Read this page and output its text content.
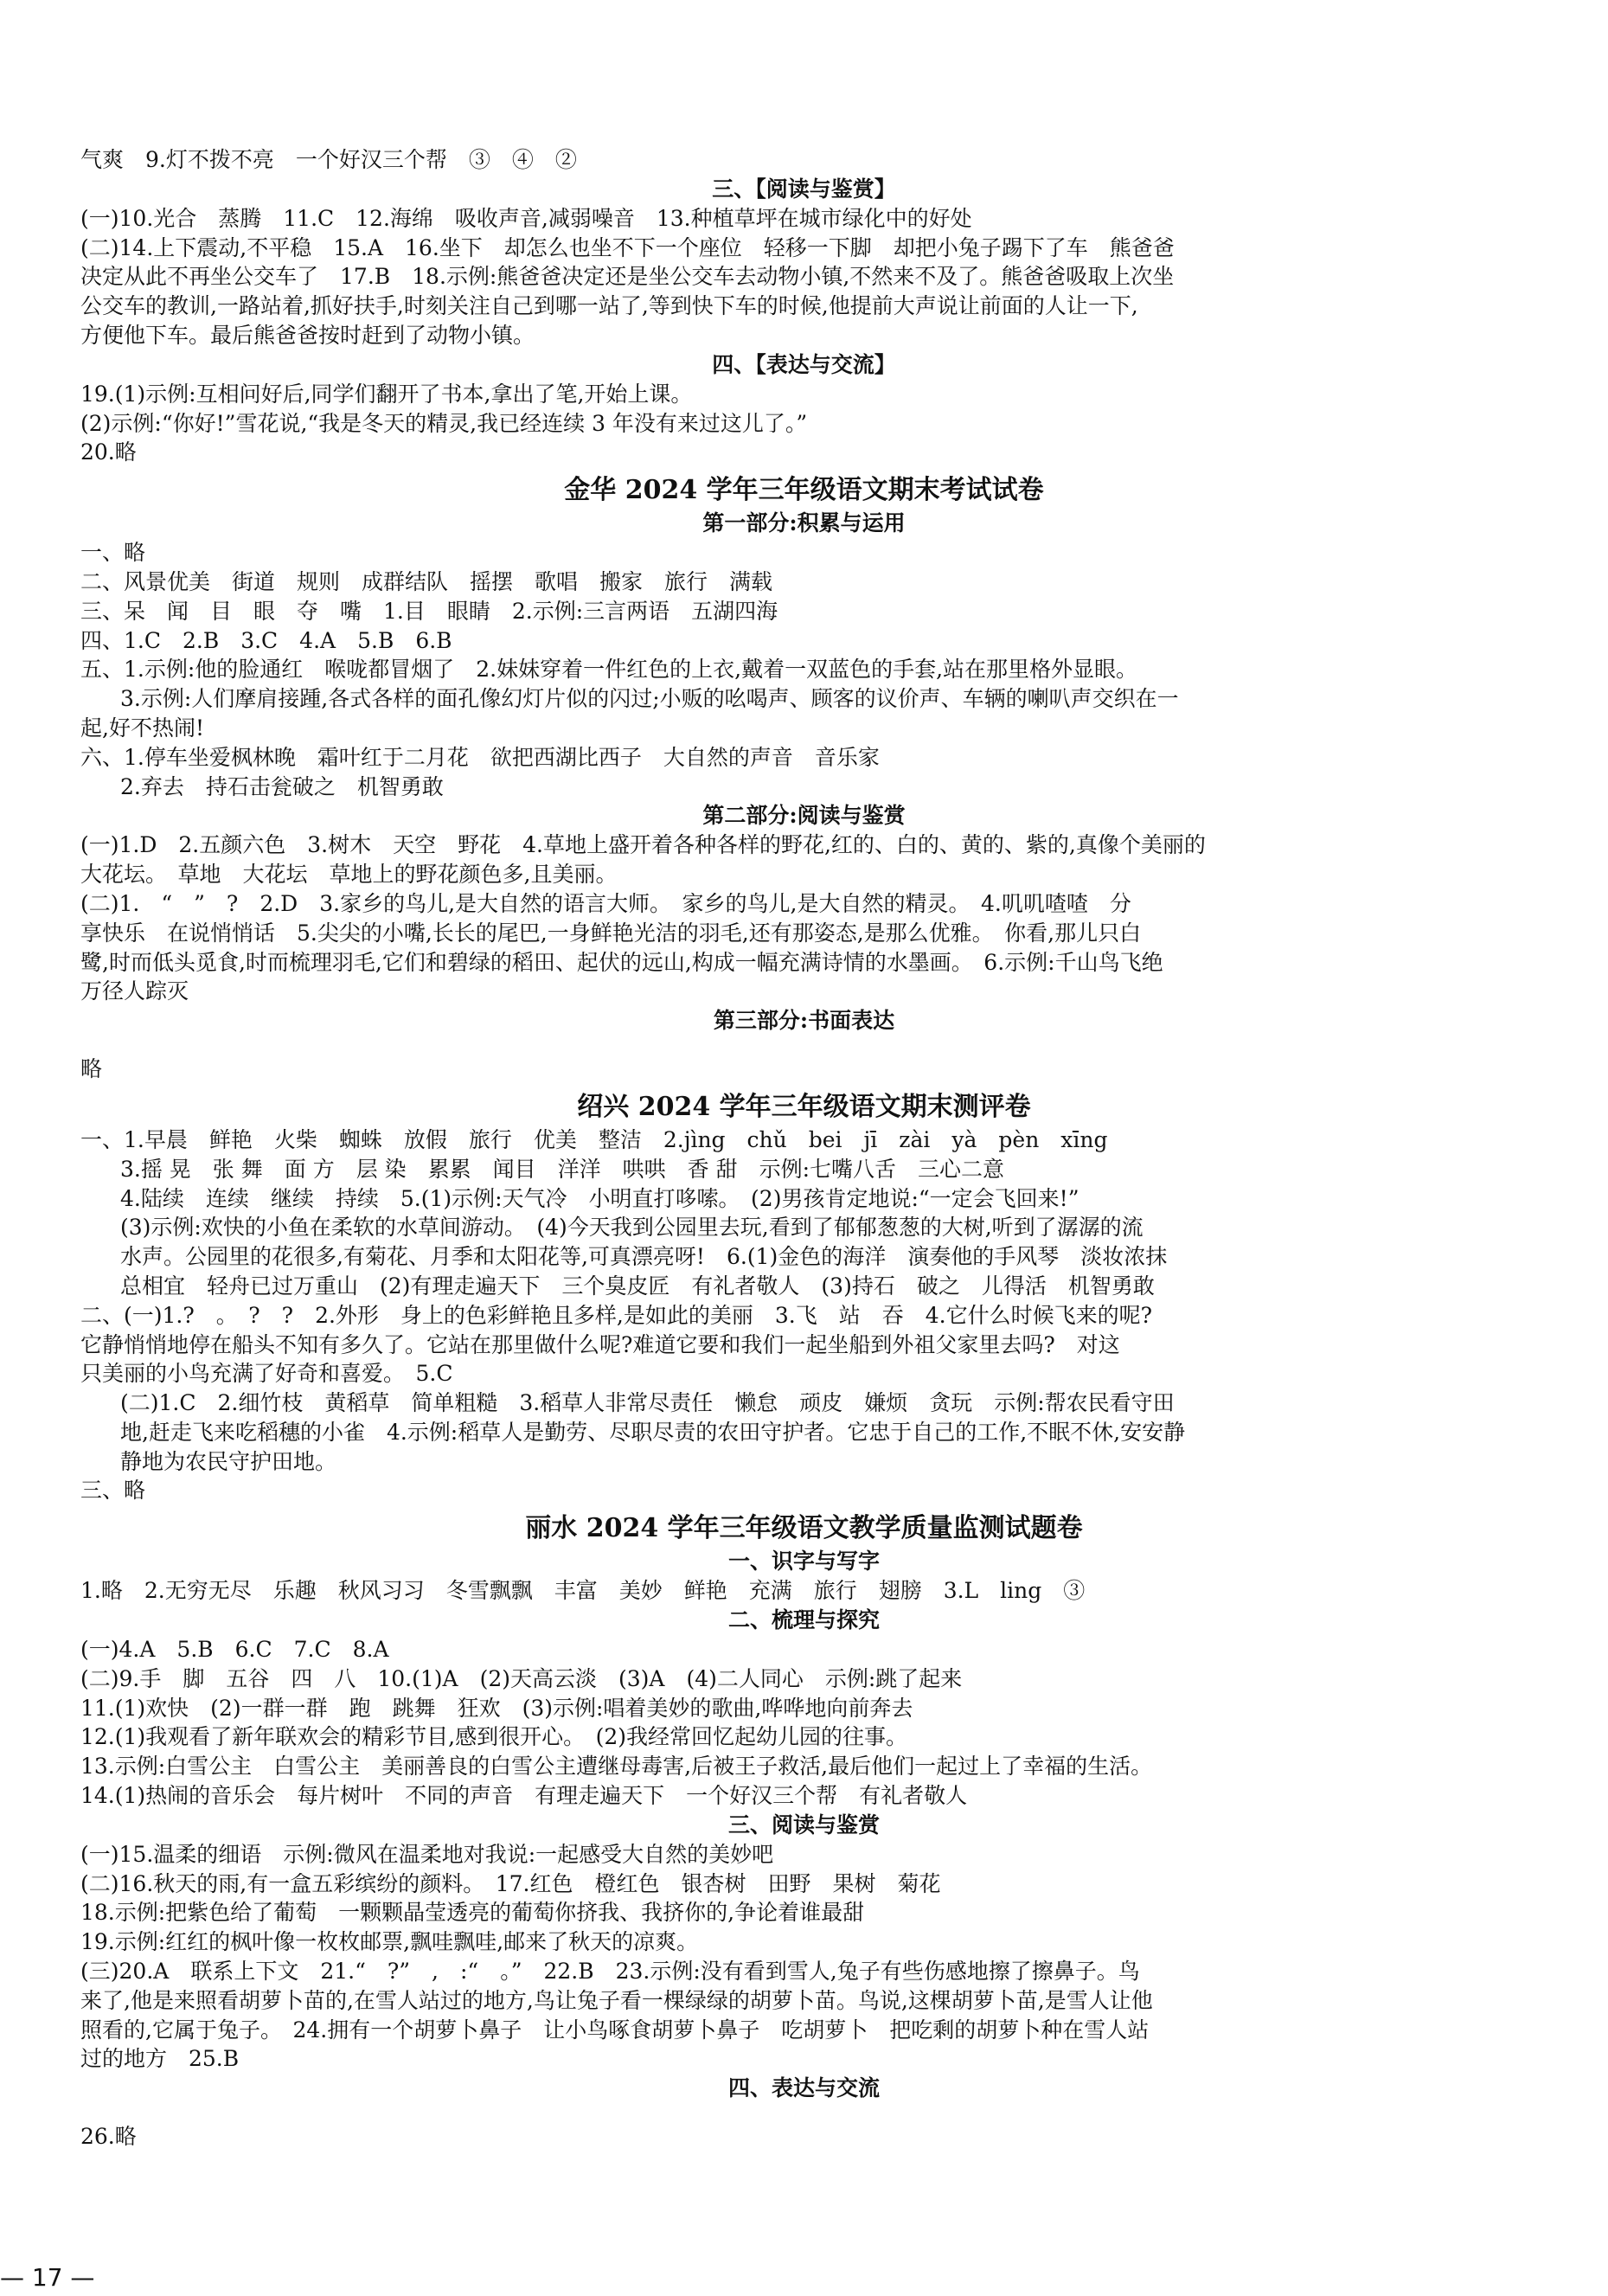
气爽　9.灯不拨不亮　一个好汉三个帮　③　④　②
三、【阅读与鉴赏】
(一)10.光合　蒸腾　11.C　12.海绵　吸收声音,减弱噪音　13.种植草坪在城市绿化中的好处
(二)14.上下震动,不平稳　15.A　16.坐下　却怎么也坐不下一个座位　轻移一下脚　却把小兔子踢下了车　熊爸爸
决定从此不再坐公交车了　17.B　18.示例:熊爸爸决定还是坐公交车去动物小镇,不然来不及了。熊爸爸吸取上次坐
公交车的教训,一路站着,抓好扶手,时刻关注自己到哪一站了,等到快下车的时候,他提前大声说让前面的人让一下,
方便他下车。最后熊爸爸按时赶到了动物小镇。
四、【表达与交流】
19.(1)示例:互相问好后,同学们翻开了书本,拿出了笔,开始上课。
(2)示例:“你好!”雪花说,“我是冬天的精灵,我已经连续 3 年没有来过这儿了。”
20.略
金华 2024 学年三年级语文期末考试试卷
第一部分:积累与运用
一、略
二、风景优美　街道　规则　成群结队　摇摆　歌唱　搬家　旅行　满载
三、呆　闻　目　眼　夺　嘴　1.目　眼睛　2.示例:三言两语　五湖四海
四、1.C　2.B　3.C　4.A　5.B　6.B
五、1.示例:他的脸通红　喉咙都冒烟了　2.妹妹穿着一件红色的上衣,戴着一双蓝色的手套,站在那里格外显眼。
3.示例:人们摩肩接踵,各式各样的面孔像幻灯片似的闪过;小贩的吆喝声、顾客的议价声、车辆的喇叭声交织在一
起,好不热闹!
六、1.停车坐爱枫林晚　霜叶红于二月花　欲把西湖比西子　大自然的声音　音乐家
2.弃去　持石击瓮破之　机智勇敢
第二部分:阅读与鉴赏
(一)1.D　2.五颜六色　3.树木　天空　野花　4.草地上盛开着各种各样的野花,红的、白的、黄的、紫的,真像个美丽的
大花坛。　草地　大花坛　草地上的野花颜色多,且美丽。
(二)1.　“　”　?　2.D　3.家乡的鸟儿,是大自然的语言大师。　家乡的鸟儿,是大自然的精灵。　4.叽叽喳喳　分
享快乐　在说悄悄话　5.尖尖的小嘴,长长的尾巴,一身鲜艳光洁的羽毛,还有那姿态,是那么优雅。　你看,那儿只白
鹭,时而低头觅食,时而梳理羽毛,它们和碧绿的稻田、起伏的远山,构成一幅充满诗情的水墨画。　6.示例:千山鸟飞绝
万径人踪灭
第三部分:书面表达
略
绍兴 2024 学年三年级语文期末测评卷
一、1.早晨　鲜艳　火柴　蜘蛛　放假　旅行　优美　整洁　2.jìng　chǔ　bei　jī　zài　yà　pèn　xīng
3.摇 晃　张 舞　面 方　层 染　累累　闻目　洋洋　哄哄　香 甜　示例:七嘴八舌　三心二意
4.陆续　连续　继续　持续　5.(1)示例:天气冷　小明直打哆嗦。　(2)男孩肯定地说:“一定会飞回来!”
(3)示例:欢快的小鱼在柔软的水草间游动。　(4)今天我到公园里去玩,看到了郁郁葱葱的大树,听到了潺潺的流
水声。公园里的花很多,有菊花、月季和太阳花等,可真漂亮呀!　6.(1)金色的海洋　演奏他的手风琴　淡妆浓抹
总相宜　轻舟已过万重山　(2)有理走遍天下　三个臭皮匠　有礼者敬人　(3)持石　破之　儿得活　机智勇敢
二、(一)1.?　。　?　?　2.外形　身上的色彩鲜艳且多样,是如此的美丽　3.飞　站　吞　4.它什么时候飞来的呢?
它静悄悄地停在船头不知有多久了。它站在那里做什么呢?难道它要和我们一起坐船到外祖父家里去吗?　对这
只美丽的小鸟充满了好奇和喜爱。　5.C
(二)1.C　2.细竹枝　黄稻草　简单粗糙　3.稻草人非常尽责任　懒怠　顽皮　嫌烦　贪玩　示例:帮农民看守田
地,赶走飞来吃稻穗的小雀　4.示例:稻草人是勤劳、尽职尽责的农田守护者。它忠于自己的工作,不眠不休,安安静
静地为农民守护田地。
三、略
丽水 2024 学年三年级语文教学质量监测试题卷
一、识字与写字
1.略　2.无穷无尽　乐趣　秋风习习　冬雪飘飘　丰富　美妙　鲜艳　充满　旅行　翅膀　3.L　ling　③
二、梳理与探究
(一)4.A　5.B　6.C　7.C　8.A
(二)9.手　脚　五谷　四　八　10.(1)A　(2)天高云淡　(3)A　(4)二人同心　示例:跳了起来
11.(1)欢快　(2)一群一群　跑　跳舞　狂欢　(3)示例:唱着美妙的歌曲,哗哗地向前奔去
12.(1)我观看了新年联欢会的精彩节目,感到很开心。　(2)我经常回忆起幼儿园的往事。
13.示例:白雪公主　白雪公主　美丽善良的白雪公主遭继母毒害,后被王子救活,最后他们一起过上了幸福的生活。
14.(1)热闹的音乐会　每片树叶　不同的声音　有理走遍天下　一个好汉三个帮　有礼者敬人
三、阅读与鉴赏
(一)15.温柔的细语　示例:微风在温柔地对我说:一起感受大自然的美妙吧
(二)16.秋天的雨,有一盒五彩缤纷的颜料。　17.红色　橙红色　银杏树　田野　果树　菊花
18.示例:把紫色给了葡萄　一颗颗晶莹透亮的葡萄你挤我、我挤你的,争论着谁最甜
19.示例:红红的枫叶像一枚枚邮票,飘哇飘哇,邮来了秋天的凉爽。
(三)20.A　联系上下文　21.“　?”　,　:“　。”　22.B　23.示例:没有看到雪人,兔子有些伤感地擦了擦鼻子。鸟
来了,他是来照看胡萝卜苗的,在雪人站过的地方,鸟让兔子看一棵绿绿的胡萝卜苗。鸟说,这棵胡萝卜苗,是雪人让他
照看的,它属于兔子。　24.拥有一个胡萝卜鼻子　让小鸟啄食胡萝卜鼻子　吃胡萝卜　把吃剩的胡萝卜种在雪人站
过的地方　25.B
四、表达与交流
26.略
— 17 —
